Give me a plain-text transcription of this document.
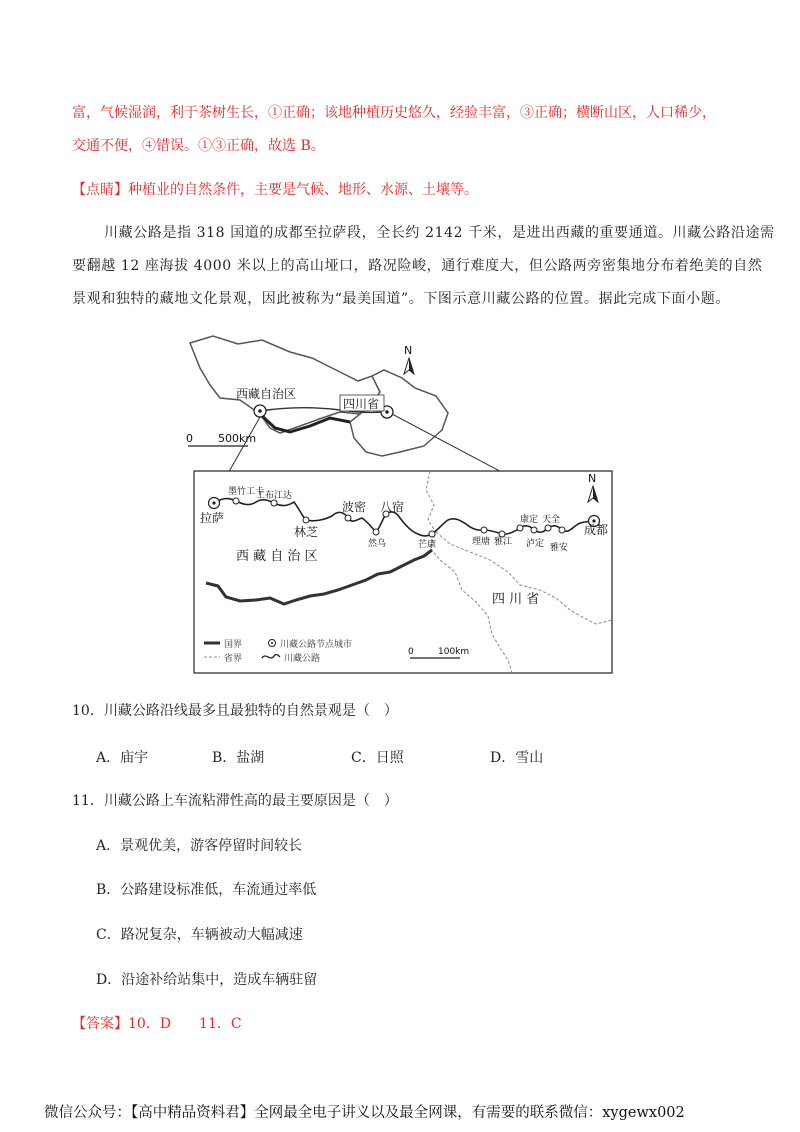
富，气候湿润，利于茶树生长，①正确；该地种植历史悠久，经验丰富，③正确；横断山区，人口稀少，
交通不便，④错误。①③正确，故选 B。
【点睛】种植业的自然条件，主要是气候、地形、水源、土壤等。
川藏公路是指 318 国道的成都至拉萨段，全长约 2142 千米，是进出西藏的重要通道。川藏公路沿途需
要翻越 12 座海拔 4000 米以上的高山垭口，路况险峻，通行难度大，但公路两旁密集地分布着绝美的自然
景观和独特的藏地文化景观，因此被称为“最美国道”。下图示意川藏公路的位置。据此完成下面小题。
西藏自治区
四川省
N
0 500km
拉萨
林芝
波密 八宿
然乌	芒康	理塘 雅江
康定 天全
泸定 雅安
成都
墨竹工卡
工布江达
西 藏 自 治 区
四 川 省
N
国界
省界
川藏公路节点城市
川藏公路
0	100km
10．川藏公路沿线最多且最独特的自然景观是（　）
A．庙宇	B．盐湖	C．日照	D．雪山
11．川藏公路上车流粘滞性高的最主要原因是（　）
A．景观优美，游客停留时间较长
B．公路建设标准低，车流通过率低
C．路况复杂，车辆被动大幅减速
D．沿途补给站集中，造成车辆驻留
【答案】10．D　　11．C
微信公众号：【高中精品资料君】全网最全电子讲义以及最全网课，有需要的联系微信：xygewx002
